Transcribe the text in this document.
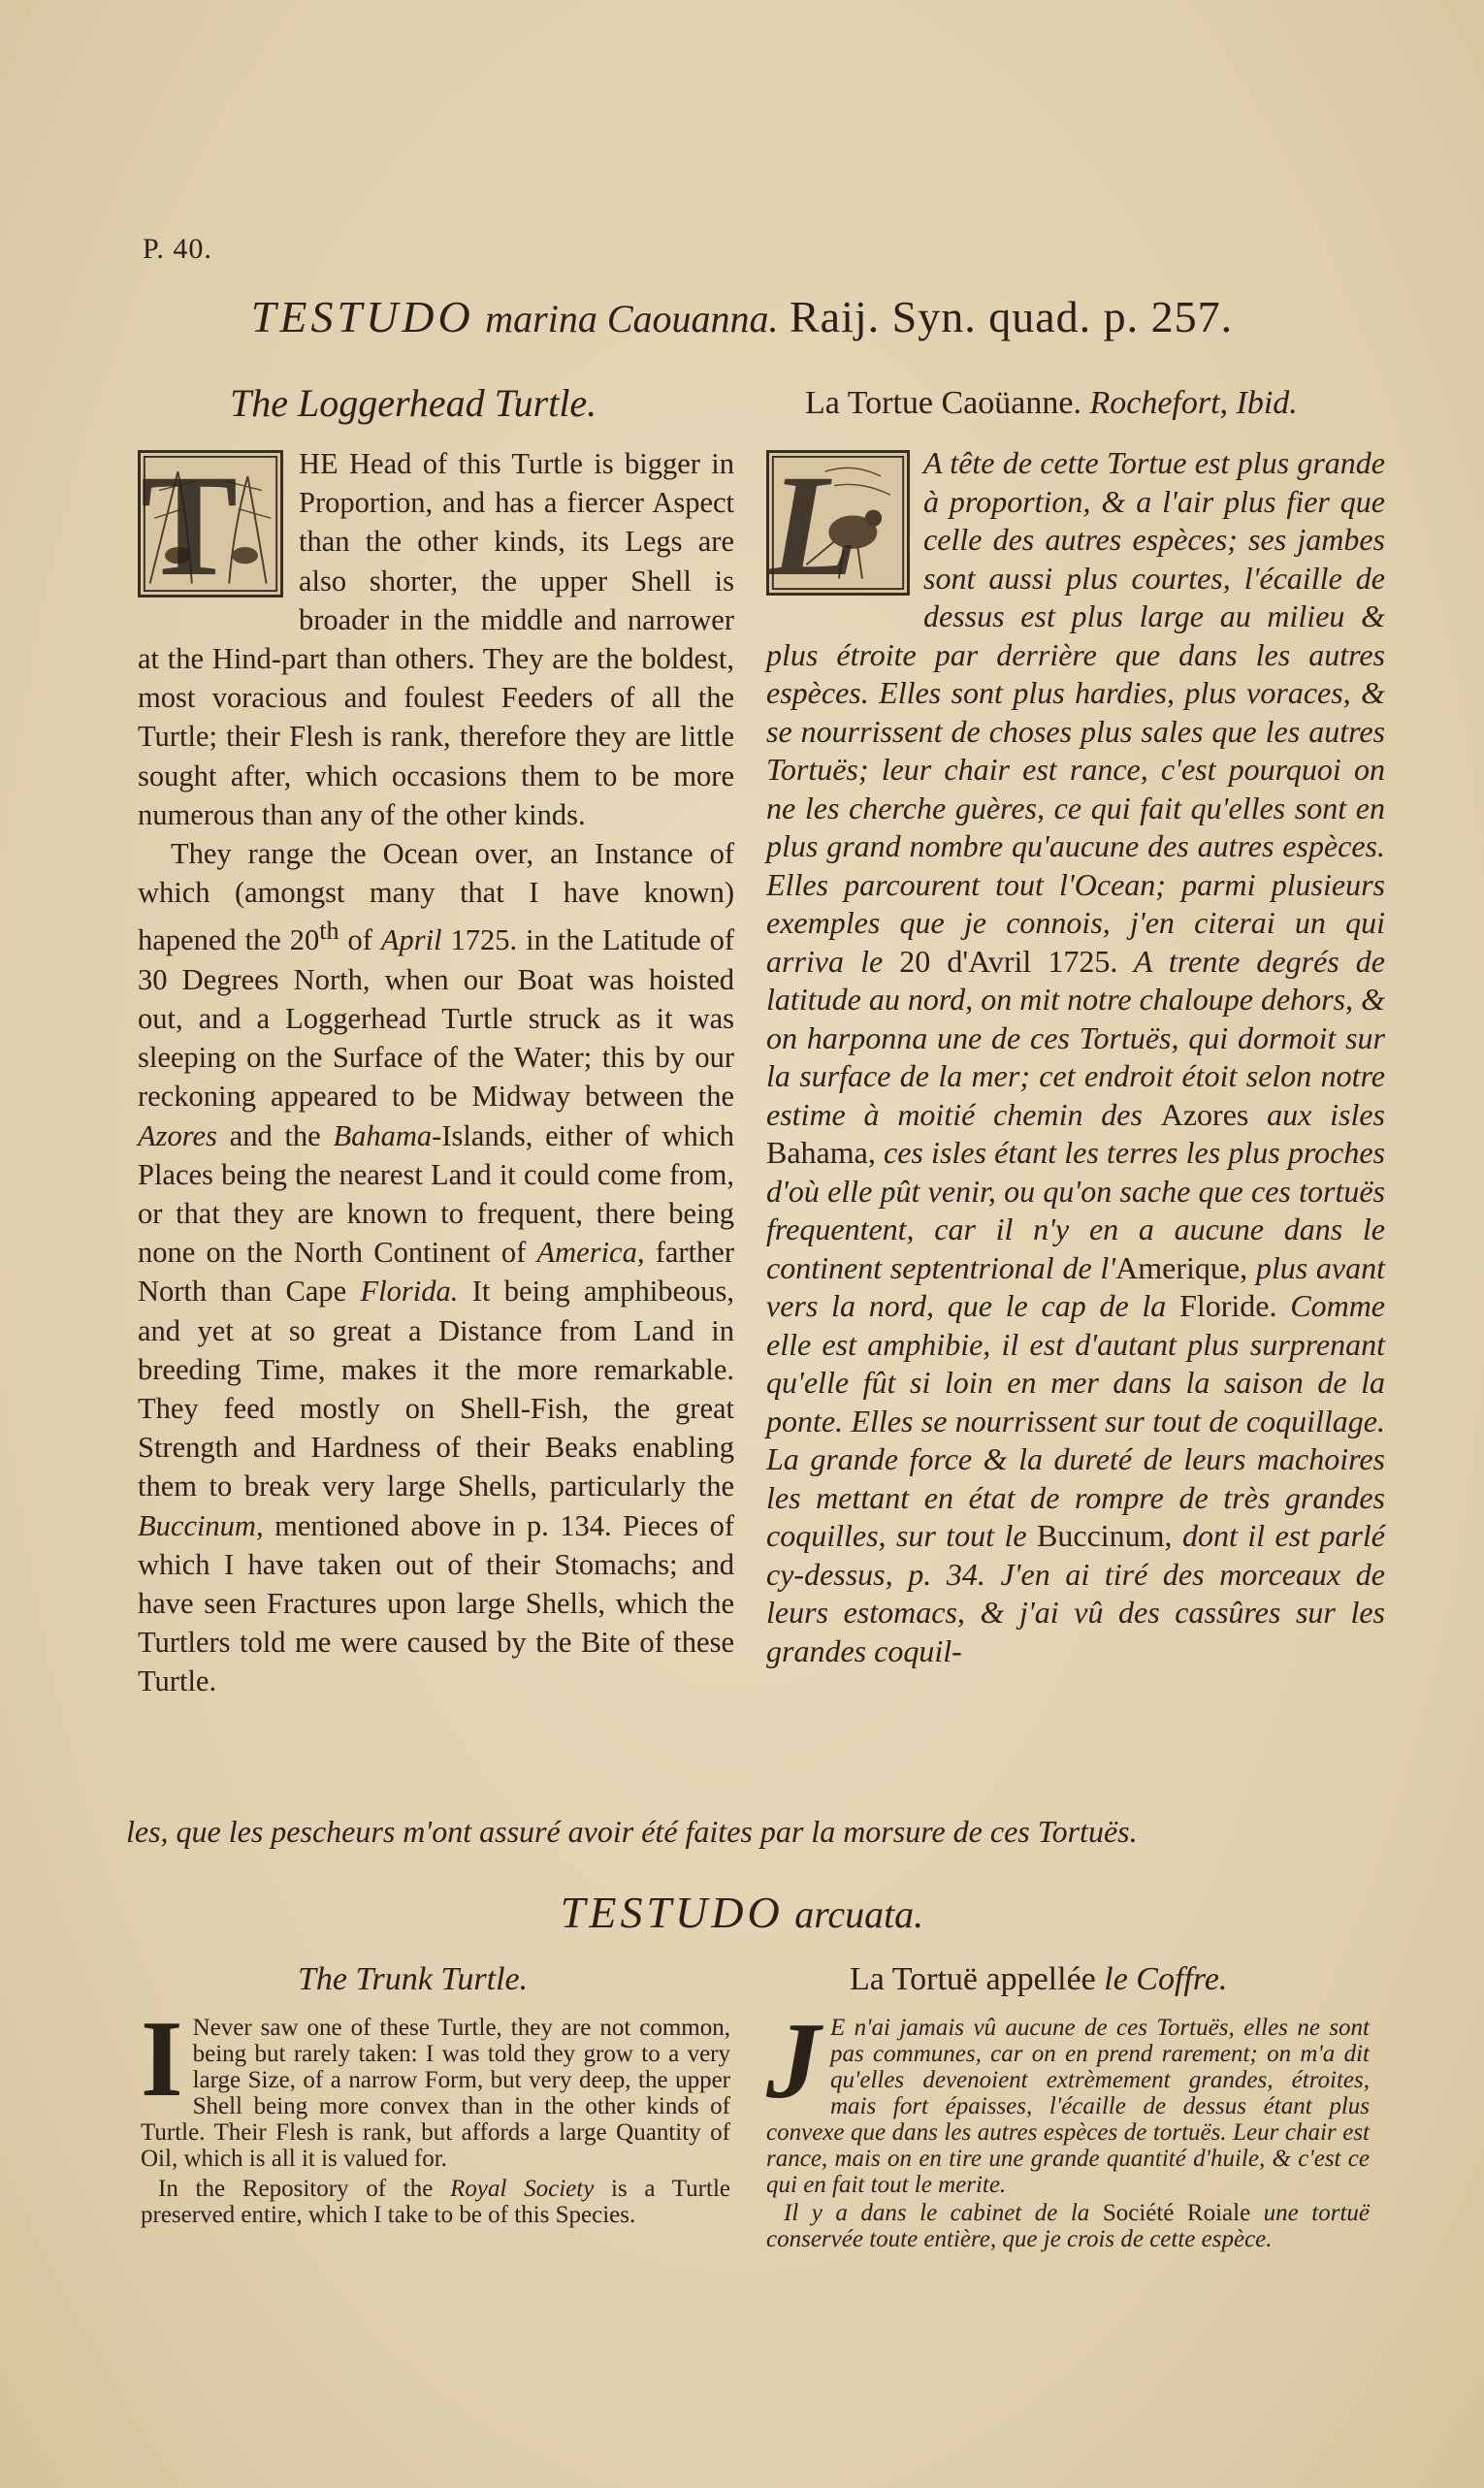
P. 40.
TESTUDO marina Caouanna. Raij. Syn. quad. p. 257.
The Loggerhead Turtle.	La Tortue Caoüanne. Rochefort, Ibid.
T	HE Head of this Turtle is bigger in Proportion, and has a fiercer Aspect than the other kinds, its Legs are also shorter, the upper Shell is broader in the middle and narrower at the Hind-part than others. They are the boldest, most voracious and foulest Feeders of all the Turtle; their Flesh is rank, therefore they are little sought after, which occasions them to be more numerous than any of the other kinds.

They range the Ocean over, an Instance of which (amongst many that I have known) hapened the 20th of April 1725. in the Latitude of 30 Degrees North, when our Boat was hoisted out, and a Loggerhead Turtle struck as it was sleeping on the Surface of the Water; this by our reckoning appeared to be Midway between the Azores and the Bahama-Islands, either of which Places being the nearest Land it could come from, or that they are known to frequent, there being none on the North Continent of America, farther North than Cape Florida. It being amphibeous, and yet at so great a Distance from Land in breeding Time, makes it the more remarkable. They feed mostly on Shell-Fish, the great Strength and Hardness of their Beaks enabling them to break very large Shells, particularly the Buccinum, mentioned above in p. 134. Pieces of which I have taken out of their Stomachs; and have seen Fractures upon large Shells, which the Turtlers told me were caused by the Bite of these Turtle.

L	A tête de cette Tortue est plus grande à proportion, & a l'air plus fier que celle des autres espèces; ses jambes sont aussi plus courtes, l'écaille de dessus est plus large au milieu & plus étroite par derrière que dans les autres espèces. Elles sont plus hardies, plus voraces, & se nourrissent de choses plus sales que les autres Tortuës; leur chair est rance, c'est pourquoi on ne les cherche guères, ce qui fait qu'elles sont en plus grand nombre qu'aucune des autres espèces. Elles parcourent tout l'Ocean; parmi plusieurs exemples que je connois, j'en citerai un qui arriva le 20 d'Avril 1725. A trente degrés de latitude au nord, on mit notre chaloupe dehors, & on harponna une de ces Tortuës, qui dormoit sur la surface de la mer; cet endroit étoit selon notre estime à moitié chemin des Azores aux isles Bahama, ces isles étant les terres les plus proches d'où elle pût venir, ou qu'on sache que ces tortuës frequentent, car il n'y en a aucune dans le continent septentrional de l'Amerique, plus avant vers la nord, que le cap de la Floride. Comme elle est amphibie, il est d'autant plus surprenant qu'elle fût si loin en mer dans la saison de la ponte. Elles se nourrissent sur tout de coquillage. La grande force & la dureté de leurs machoires les mettant en état de rompre de très grandes coquilles, sur tout le Buccinum, dont il est parlé cy-dessus, p. 34. J'en ai tiré des morceaux de leurs estomacs, & j'ai vû des cassûres sur les grandes coquil-

les, que les pescheurs m'ont assuré avoir été faites par la morsure de ces Tortuës.
TESTUDO arcuata.
The Trunk Turtle.	La Tortuë appellée le Coffre.
I Never saw one of these Turtle, they are not common, being but rarely taken: I was told they grow to a very large Size, of a narrow Form, but very deep, the upper Shell being more convex than in the other kinds of Turtle. Their Flesh is rank, but affords a large Quantity of Oil, which is all it is valued for.

In the Repository of the Royal Society is a Turtle preserved entire, which I take to be of this Species.

J E n'ai jamais vû aucune de ces Tortuës, elles ne sont pas communes, car on en prend rarement; on m'a dit qu'elles devenoient extrèmement grandes, étroites, mais fort épaisses, l'écaille de dessus étant plus convexe que dans les autres espèces de tortuës. Leur chair est rance, mais on en tire une grande quantité d'huile, & c'est ce qui en fait tout le merite.

Il y a dans le cabinet de la Société Roiale une tortuë conservée toute entière, que je crois de cette espèce.
